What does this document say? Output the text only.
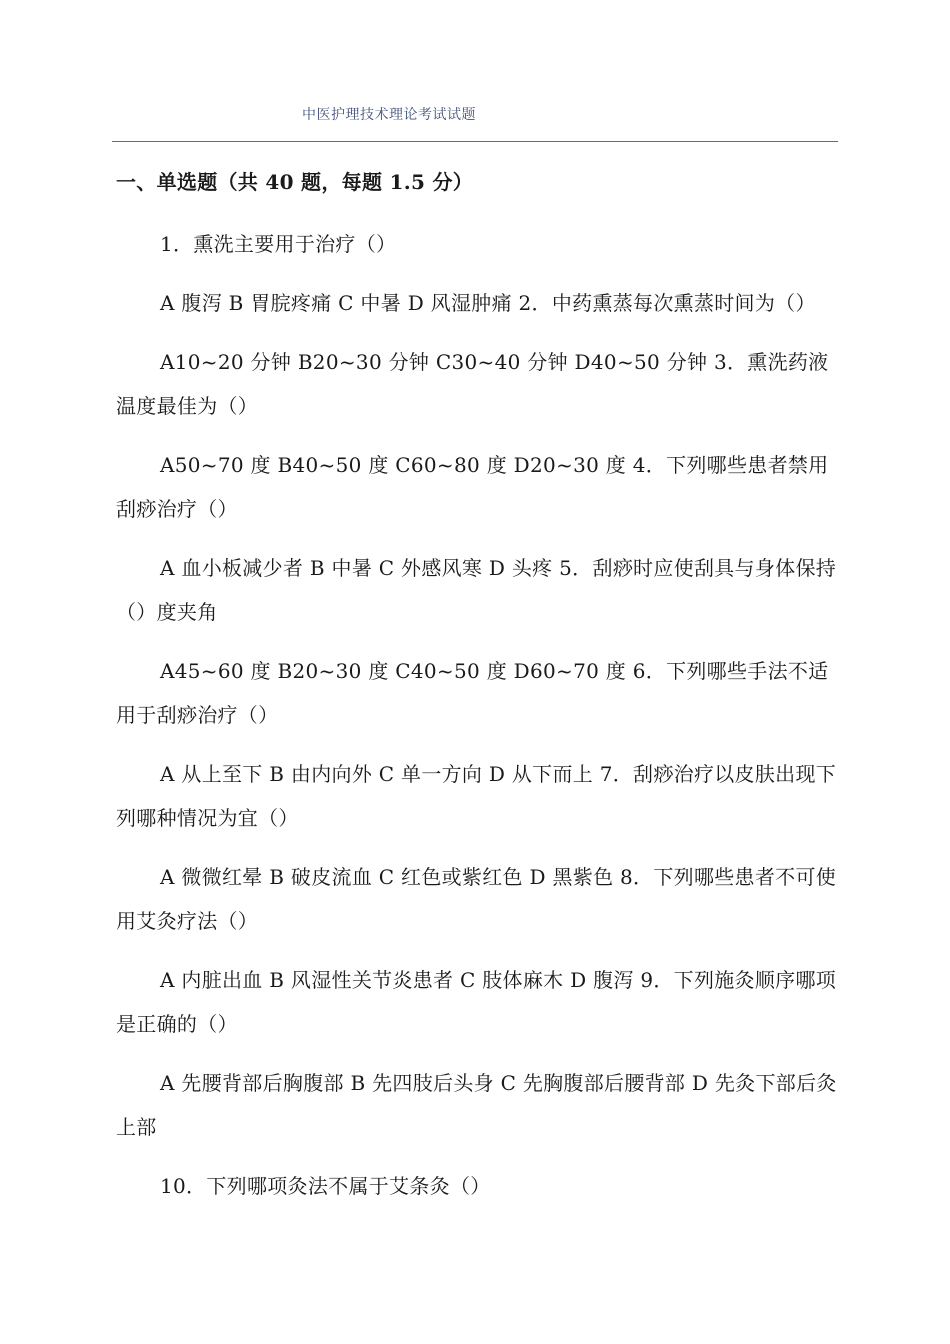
中医护理技术理论考试试题
一、单选题（共 40 题，每题 1.5 分）

1．熏洗主要用于治疗（）

A 腹泻 B 胃脘疼痛 C 中暑 D 风湿肿痛 2．中药熏蒸每次熏蒸时间为（）

A10~20 分钟 B20~30 分钟 C30~40 分钟 D40~50 分钟 3．熏洗药液温度最佳为（）

A50~70 度 B40~50 度 C60~80 度 D20~30 度 4．下列哪些患者禁用刮痧治疗（）

A 血小板减少者 B 中暑 C 外感风寒 D 头疼 5．刮痧时应使刮具与身体保持（）度夹角

A45~60 度 B20~30 度 C40~50 度 D60~70 度 6．下列哪些手法不适用于刮痧治疗（）

A 从上至下 B 由内向外 C 单一方向 D 从下而上 7．刮痧治疗以皮肤出现下列哪种情况为宜（）

A 微微红晕 B 破皮流血 C 红色或紫红色 D 黑紫色 8．下列哪些患者不可使用艾灸疗法（）

A 内脏出血 B 风湿性关节炎患者 C 肢体麻木 D 腹泻 9．下列施灸顺序哪项是正确的（）

A 先腰背部后胸腹部 B 先四肢后头身 C 先胸腹部后腰背部 D 先灸下部后灸上部

10．下列哪项灸法不属于艾条灸（）
